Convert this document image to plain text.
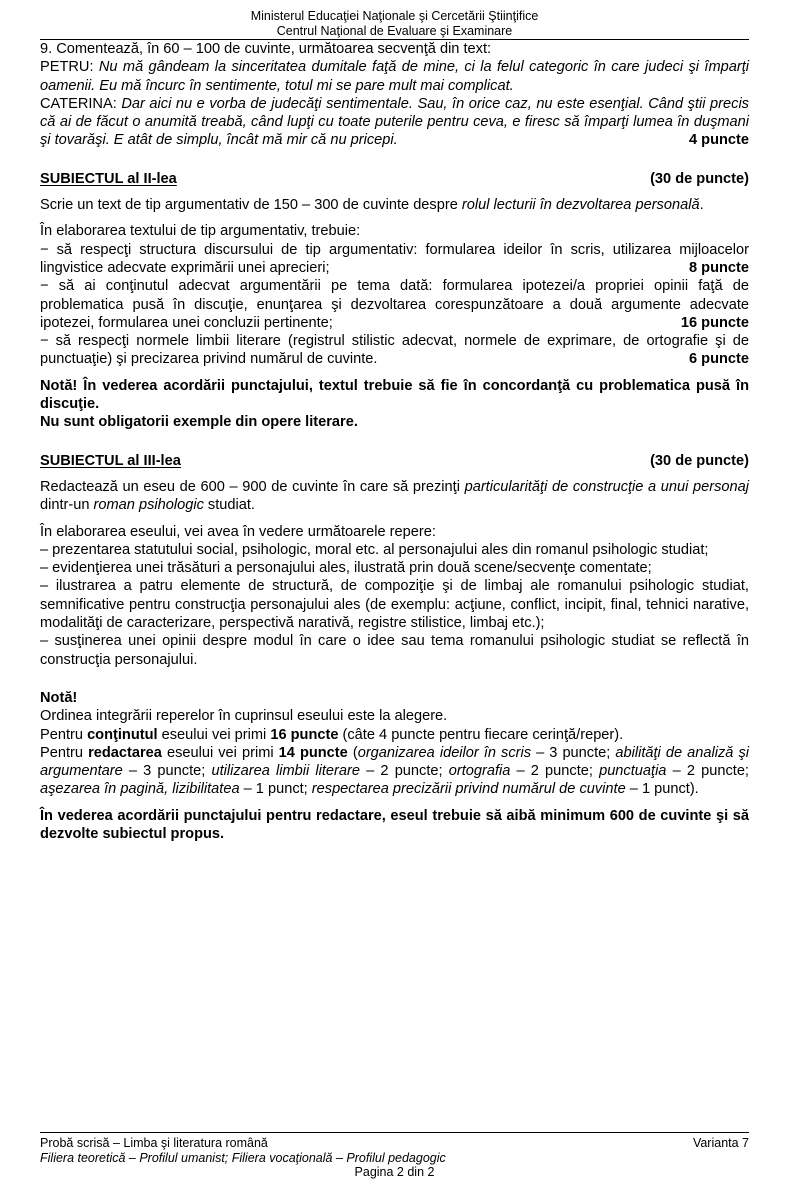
Ministerul Educaţiei Naţionale şi Cercetării Ştiinţifice
Centrul Naţional de Evaluare şi Examinare

9. Comentează, în 60 – 100 de cuvinte, următoarea secvenţă din text:

PETRU: Nu mă gândeam la sinceritatea dumitale faţă de mine, ci la felul categoric în care judeci şi împarţi oamenii. Eu mă încurc în sentimente, totul mi se pare mult mai complicat.

CATERINA: Dar aici nu e vorba de judecăţi sentimentale. Sau, în orice caz, nu este esenţial. Când ştii precis că ai de făcut o anumită treabă, când lupţi cu toate puterile pentru ceva, e firesc să împarţi lumea în duşmani şi tovarăşi. E atât de simplu, încât mă mir că nu pricepi.	4 puncte

SUBIECTUL al II-lea	(30 de puncte)

Scrie un text de tip argumentativ de 150 – 300 de cuvinte despre rolul lecturii în dezvoltarea personală.

În elaborarea textului de tip argumentativ, trebuie:

− să respecţi structura discursului de tip argumentativ: formularea ideilor în scris, utilizarea mijloacelor lingvistice adecvate exprimării unei aprecieri;	8 puncte

− să ai conţinutul adecvat argumentării pe tema dată: formularea ipotezei/a propriei opinii faţă de problematica pusă în discuţie, enunţarea şi dezvoltarea corespunzătoare a două argumente adecvate ipotezei, formularea unei concluzii pertinente;	16 puncte

− să respecţi normele limbii literare (registrul stilistic adecvat, normele de exprimare, de ortografie şi de punctuaţie) şi precizarea privind numărul de cuvinte.	6 puncte

Notă! În vederea acordării punctajului, textul trebuie să fie în concordanţă cu problematica pusă în discuţie.

Nu sunt obligatorii exemple din opere literare.

SUBIECTUL al III-lea	(30 de puncte)

Redactează un eseu de 600 – 900 de cuvinte în care să prezinţi particularităţi de construcţie a unui personaj dintr-un roman psihologic studiat.

În elaborarea eseului, vei avea în vedere următoarele repere:

– prezentarea statutului social, psihologic, moral etc. al personajului ales din romanul psihologic studiat;

– evidenţierea unei trăsături a personajului ales, ilustrată prin două scene/secvenţe comentate;

– ilustrarea a patru elemente de structură, de compoziţie şi de limbaj ale romanului psihologic studiat, semnificative pentru construcţia personajului ales (de exemplu: acţiune, conflict, incipit, final, tehnici narative, modalităţi de caracterizare, perspectivă narativă, registre stilistice, limbaj etc.);

– susţinerea unei opinii despre modul în care o idee sau tema romanului psihologic studiat se reflectă în construcţia personajului.

Notă!

Ordinea integrării reperelor în cuprinsul eseului este la alegere.

Pentru conţinutul eseului vei primi 16 puncte (câte 4 puncte pentru fiecare cerinţă/reper).

Pentru redactarea eseului vei primi 14 puncte (organizarea ideilor în scris – 3 puncte; abilităţi de analiză şi argumentare – 3 puncte; utilizarea limbii literare – 2 puncte; ortografia – 2 puncte; punctuaţia – 2 puncte; aşezarea în pagină, lizibilitatea – 1 punct; respectarea precizării privind numărul de cuvinte – 1 punct).

În vederea acordării punctajului pentru redactare, eseul trebuie să aibă minimum 600 de cuvinte şi să dezvolte subiectul propus.

Probă scrisă – Limba şi literatura română	Varianta 7
Filiera teoretică – Profilul umanist; Filiera vocaţională – Profilul pedagogic
Pagina 2 din 2
